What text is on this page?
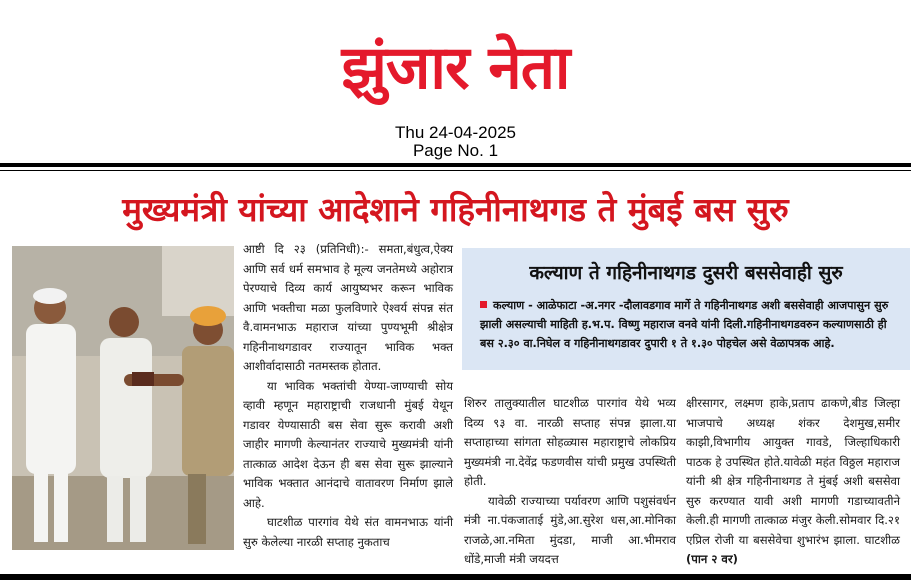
झुंजार नेता
Thu 24-04-2025
Page No. 1
मुख्यमंत्री यांच्या आदेशाने गहिनीनाथगड ते मुंबई बस सुरु

आष्टी दि २३ (प्रतिनिधी):- समता,बंधुत्व,ऐक्य आणि सर्व धर्म समभाव हे मूल्य जनतेमध्ये अहोरात्र पेरण्याचे दिव्य कार्य आयुष्यभर करून भाविक आणि भक्तीचा मळा फुलविणारे ऐश्वर्य संपन्न संत वै.वामनभाऊ महाराज यांच्या पुण्यभूमी श्रीक्षेत्र गहिनीनाथगडावर राज्यातून भाविक भक्त आशीर्वादासाठी नतमस्तक होतात.

या भाविक भक्तांची येण्या-जाण्याची सोय व्हावी म्हणून महाराष्ट्राची राजधानी मुंबई येथून गडावर येण्यासाठी बस सेवा सुरू करावी अशी जाहीर मागणी केल्यानंतर राज्याचे मुख्यमंत्री यांनी तात्काळ आदेश देऊन ही बस सेवा सुरू झाल्याने भाविक भक्तात आनंदाचे वातावरण निर्माण झाले आहे.

घाटशीळ पारगांव येथे संत वामनभाऊ यांनी सुरु केलेल्या नारळी सप्ताह नुकताच

कल्याण ते गहिनीनाथगड दुसरी बससेवाही सुरु
कल्याण - आळेफाटा -अ.नगर -दौलावडगाव मार्गे ते गहिनीनाथगड अशी बससेवाही आजपासुन सुरु झाली असल्याची माहिती ह.भ.प. विष्णु महाराज वनवे यांनी दिली.गहिनीनाथगडवरुन कल्याणसाठी ही बस २.३० वा.निघेल व गहिनीनाथगडावर दुपारी १ ते १.३० पोहचेल असे वेळापत्रक आहे.

शिरुर तालुक्यातील घाटशीळ पारगांव येथे भव्य दिव्य ९३ वा. नारळी सप्ताह संपन्न झाला.या सप्ताहाच्या सांगता सोहळ्यास महाराष्ट्राचे लोकप्रिय मुख्यमंत्री ना.देवेंद्र फडणवीस यांची प्रमुख उपस्थिती होती.

यावेळी राज्याच्या पर्यावरण आणि पशुसंवर्धन मंत्री ना.पंकजाताई मुंडे,आ.सुरेश धस,आ.मोनिका राजळे,आ.नमिता मुंदडा, माजी आ.भीमराव धोंडे,माजी मंत्री जयदत्त

क्षीरसागर, लक्ष्मण हाके,प्रताप ढाकणे,बीड जिल्हा भाजपाचे अध्यक्ष शंकर देशमुख,समीर काझी,विभागीय आयुक्त गावडे, जिल्हाधिकारी पाठक हे उपस्थित होते.यावेळी महंत विठ्ठल महाराज यांनी श्री क्षेत्र गहिनीनाथगड ते मुंबई अशी बससेवा सुरु करण्यात यावी अशी मागणी गडाच्यावतीने केली.ही मागणी तात्काळ मंजुर केली.सोमवार दि.२१ एप्रिल रोजी या बससेवेचा शुभारंभ झाला. घाटशीळ (पान २ वर)
